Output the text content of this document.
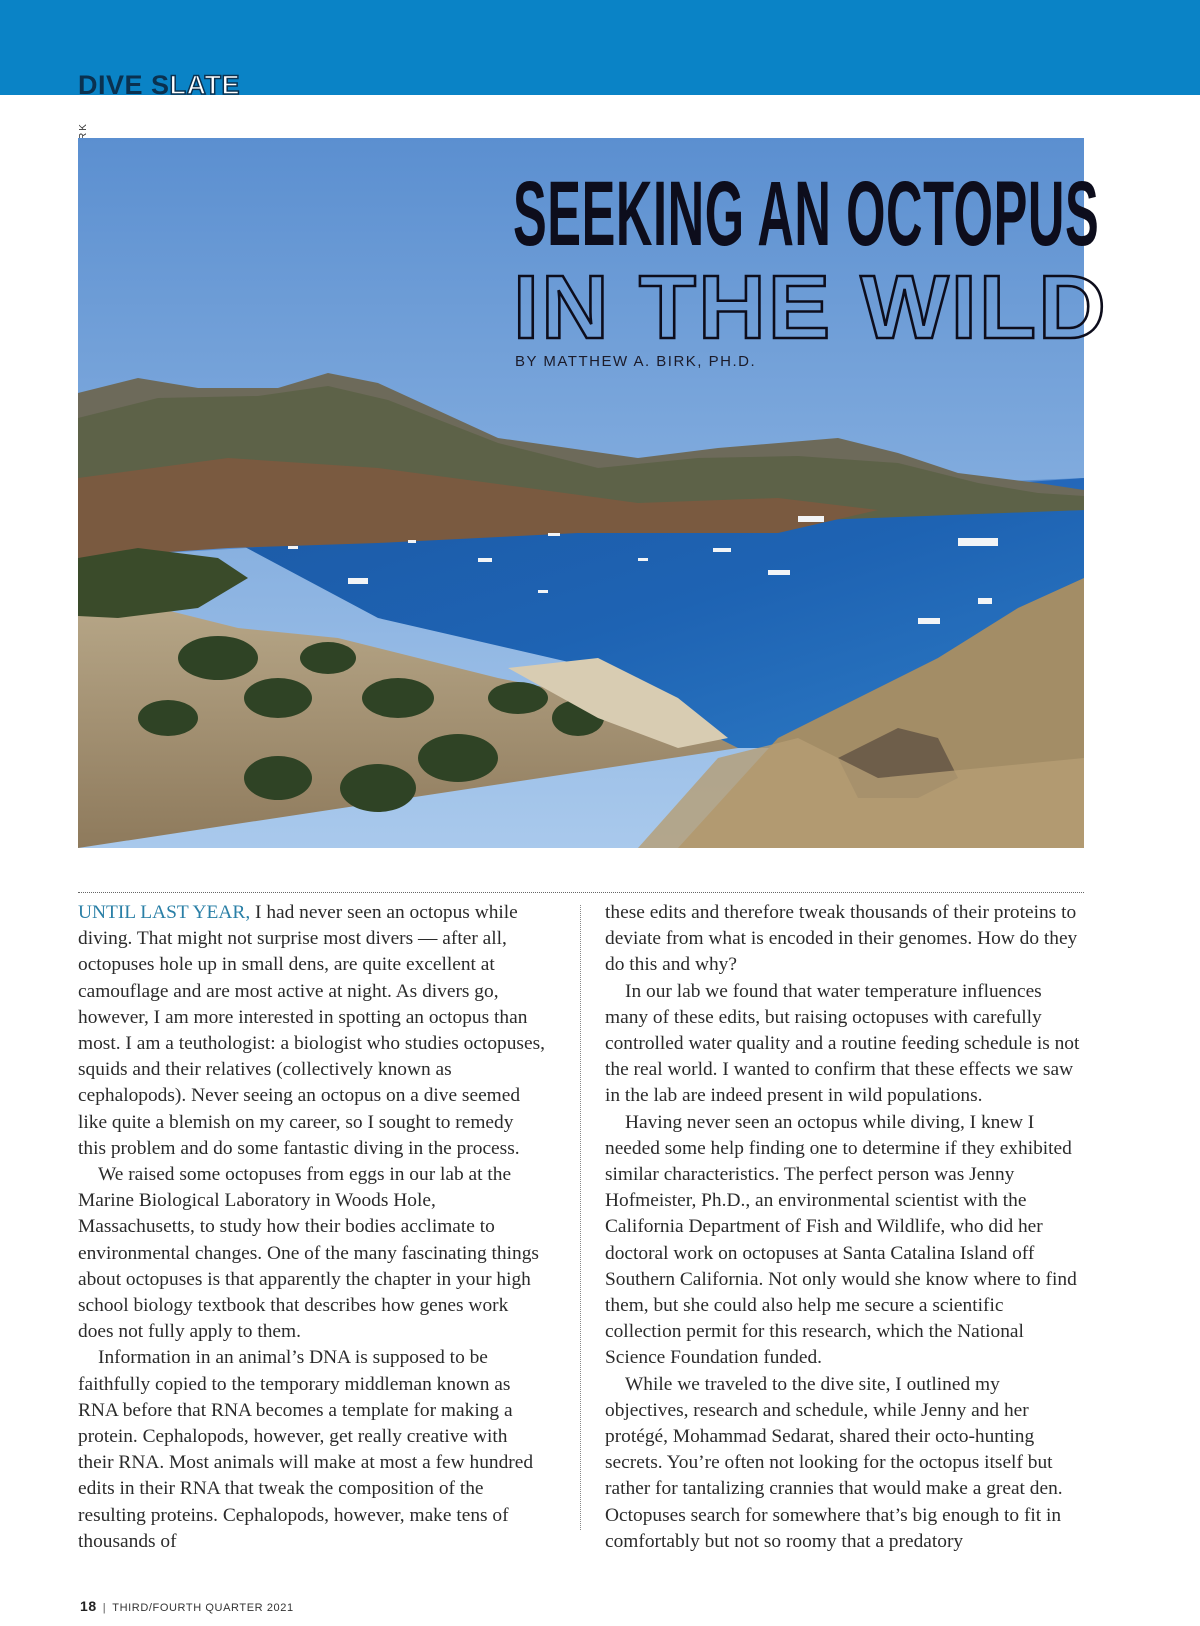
DIVE SLATE
SEEKING AN OCTOPUS
IN THE WILD
BY MATTHEW A. BIRK, PH.D.

UNTIL LAST YEAR, I had never seen an octopus while diving. That might not surprise most divers — after all, octopuses hole up in small dens, are quite excellent at camouflage and are most active at night. As divers go, however, I am more interested in spotting an octopus than most. I am a teuthologist: a biologist who studies octopuses, squids and their relatives (collectively known as cephalopods). Never seeing an octopus on a dive seemed like quite a blemish on my career, so I sought to remedy this problem and do some fantastic diving in the process.

We raised some octopuses from eggs in our lab at the Marine Biological Laboratory in Woods Hole, Massachusetts, to study how their bodies acclimate to environmental changes. One of the many fascinating things about octopuses is that apparently the chapter in your high school biology textbook that describes how genes work does not fully apply to them.

Information in an animal’s DNA is supposed to be faithfully copied to the temporary middleman known as RNA before that RNA becomes a template for making a protein. Cephalopods, however, get really creative with their RNA. Most animals will make at most a few hundred edits in their RNA that tweak the composition of the resulting proteins. Cephalopods, however, make tens of thousands of

these edits and therefore tweak thousands of their proteins to deviate from what is encoded in their genomes. How do they do this and why?

In our lab we found that water temperature influences many of these edits, but raising octopuses with carefully controlled water quality and a routine feeding schedule is not the real world. I wanted to confirm that these effects we saw in the lab are indeed present in wild populations.

Having never seen an octopus while diving, I knew I needed some help finding one to determine if they exhibited similar characteristics. The perfect person was Jenny Hofmeister, Ph.D., an environmental scientist with the California Department of Fish and Wildlife, who did her doctoral work on octopuses at Santa Catalina Island off Southern California. Not only would she know where to find them, but she could also help me secure a scientific collection permit for this research, which the National Science Foundation funded.

While we traveled to the dive site, I outlined my objectives, research and schedule, while Jenny and her protégé, Mohammad Sedarat, shared their octo-hunting secrets. You’re often not looking for the octopus itself but rather for tantalizing crannies that would make a great den. Octopuses search for somewhere that’s big enough to fit in comfortably but not so roomy that a predatory

18 | THIRD/FOURTH QUARTER 2021
